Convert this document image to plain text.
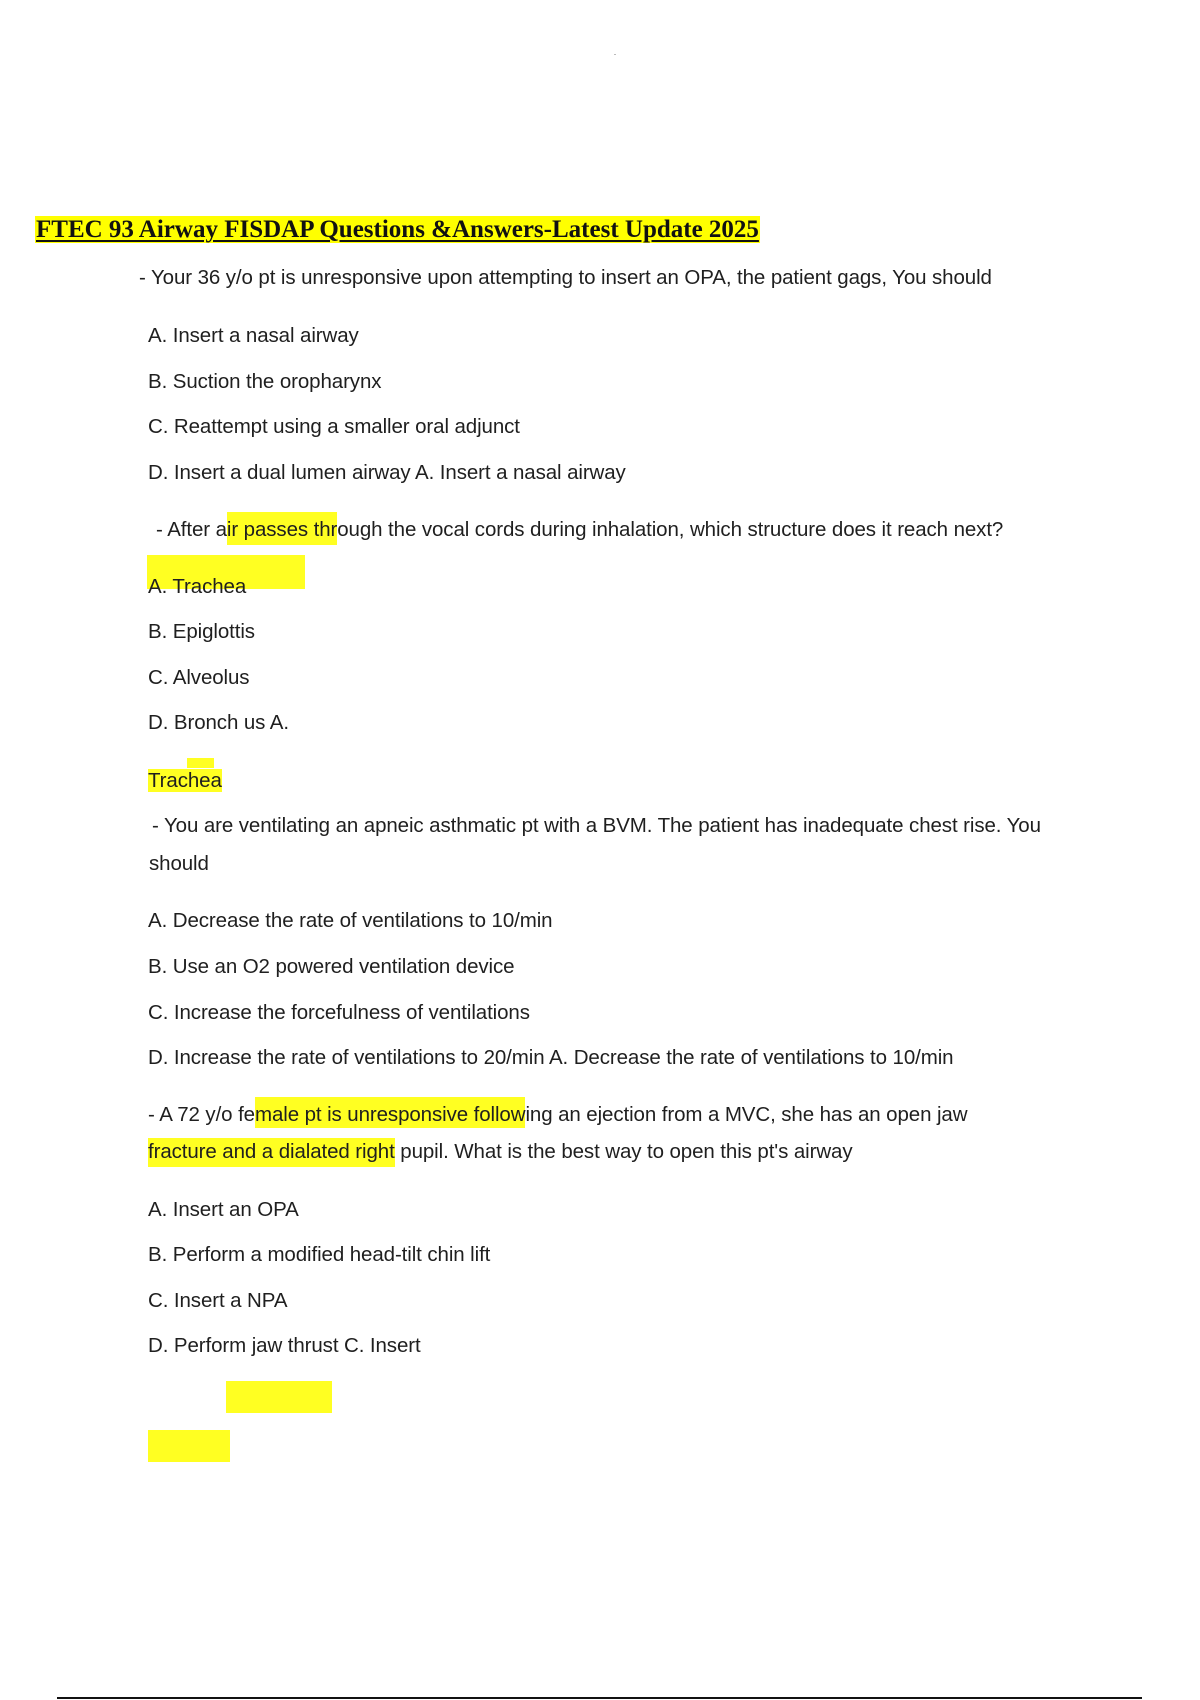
FTEC 93 Airway FISDAP Questions &Answers-Latest Update 2025
- Your 36 y/o pt is unresponsive upon attempting to insert an OPA, the patient gags, You should
A. Insert a nasal airway
B. Suction the oropharynx
C. Reattempt using a smaller oral adjunct
D. Insert a dual lumen airway A. Insert a nasal airway
- After air passes through the vocal cords during inhalation, which structure does it reach next?
A. Trachea
B. Epiglottis
C. Alveolus
D. Bronch us A.
Trachea
- You are ventilating an apneic asthmatic pt with a BVM. The patient has inadequate chest rise. You
should
A. Decrease the rate of ventilations to 10/min
B. Use an O2 powered ventilation device
C. Increase the forcefulness of ventilations
D. Increase the rate of ventilations to 20/min A. Decrease the rate of ventilations to 10/min
- A 72 y/o female pt is unresponsive following an ejection from a MVC, she has an open jaw
fracture and a dialated right pupil. What is the best way to open this pt's airway
A. Insert an OPA
B. Perform a modified head-tilt chin lift
C. Insert a NPA
D. Perform jaw thrust C. Insert
